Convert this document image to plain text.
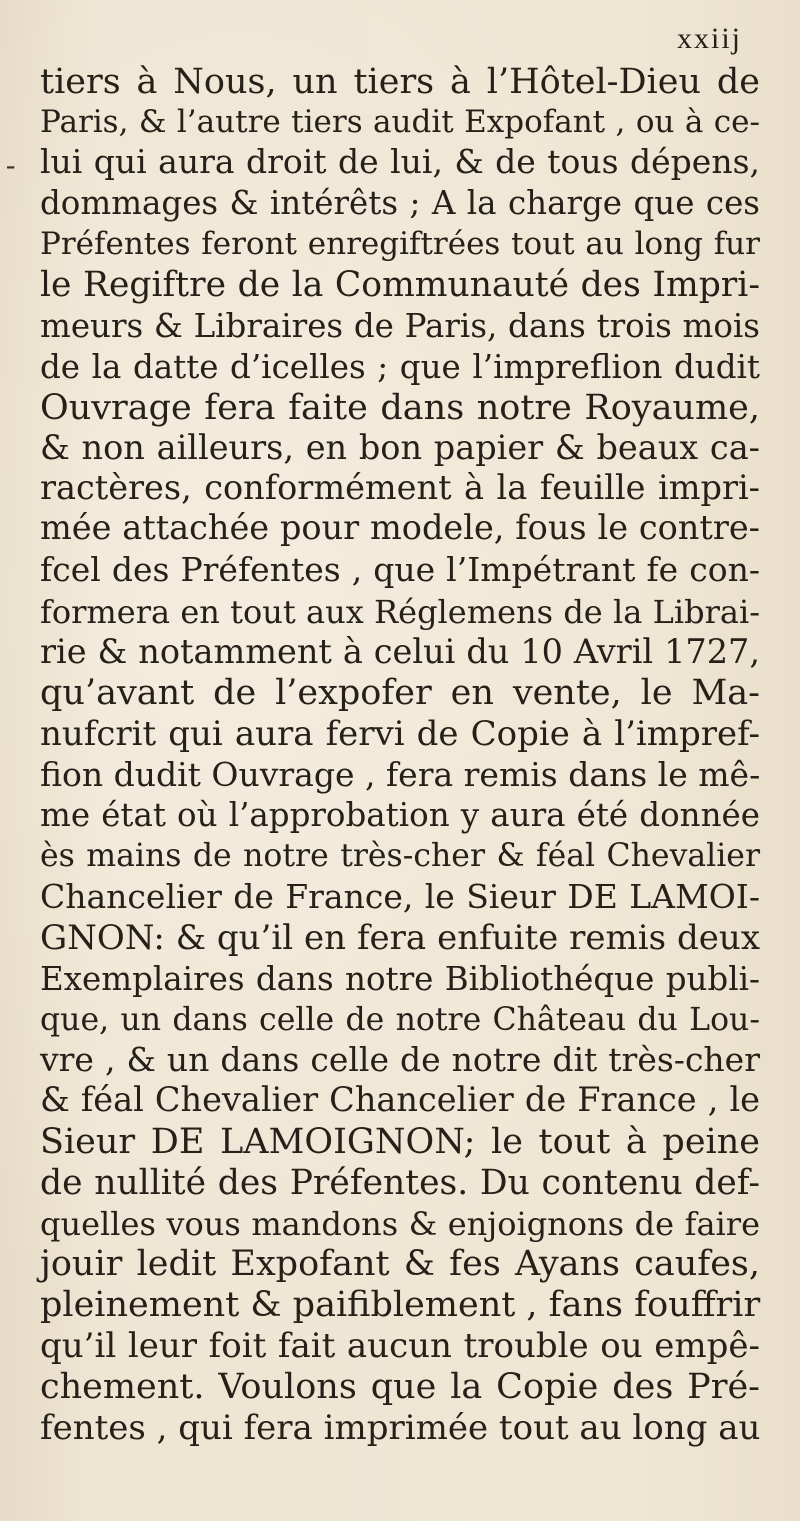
xxiij
-
tiers à Nous, un tiers à l’Hôtel-Dieu de
Paris, & l’autre tiers audit Expofant , ou à ce-
lui qui aura droit de lui, & de tous dépens,
dommages & intérêts ; A la charge que ces
Préfentes feront enregiftrées tout au long fur
le Regiftre de la Communauté des Impri-
meurs & Libraires de Paris, dans trois mois
de la datte d’icelles ; que l’impreflion dudit
Ouvrage fera faite dans notre Royaume,
& non ailleurs, en bon papier & beaux ca-
ractères, conformément à la feuille impri-
mée attachée pour modele, fous le contre-
fcel des Préfentes , que l’Impétrant fe con-
formera en tout aux Réglemens de la Librai-
rie & notamment à celui du 10 Avril 1727,
qu’avant de l’expofer en vente, le Ma-
nufcrit qui aura fervi de Copie à l’impref-
fion dudit Ouvrage , fera remis dans le mê-
me état où l’approbation y aura été donnée
ès mains de notre très-cher & féal Chevalier
Chancelier de France, le Sieur DE LAMOI-
GNON: & qu’il en fera enfuite remis deux
Exemplaires dans notre Bibliothéque publi-
que, un dans celle de notre Château du Lou-
vre , & un dans celle de notre dit très-cher
& féal Chevalier Chancelier de France , le
Sieur DE LAMOIGNON; le tout à peine
de nullité des Préfentes. Du contenu def-
quelles vous mandons & enjoignons de faire
jouir ledit Expofant & fes Ayans caufes,
pleinement & paifiblement , fans fouffrir
qu’il leur foit fait aucun trouble ou empê-
chement. Voulons que la Copie des Pré-
fentes , qui fera imprimée tout au long au
